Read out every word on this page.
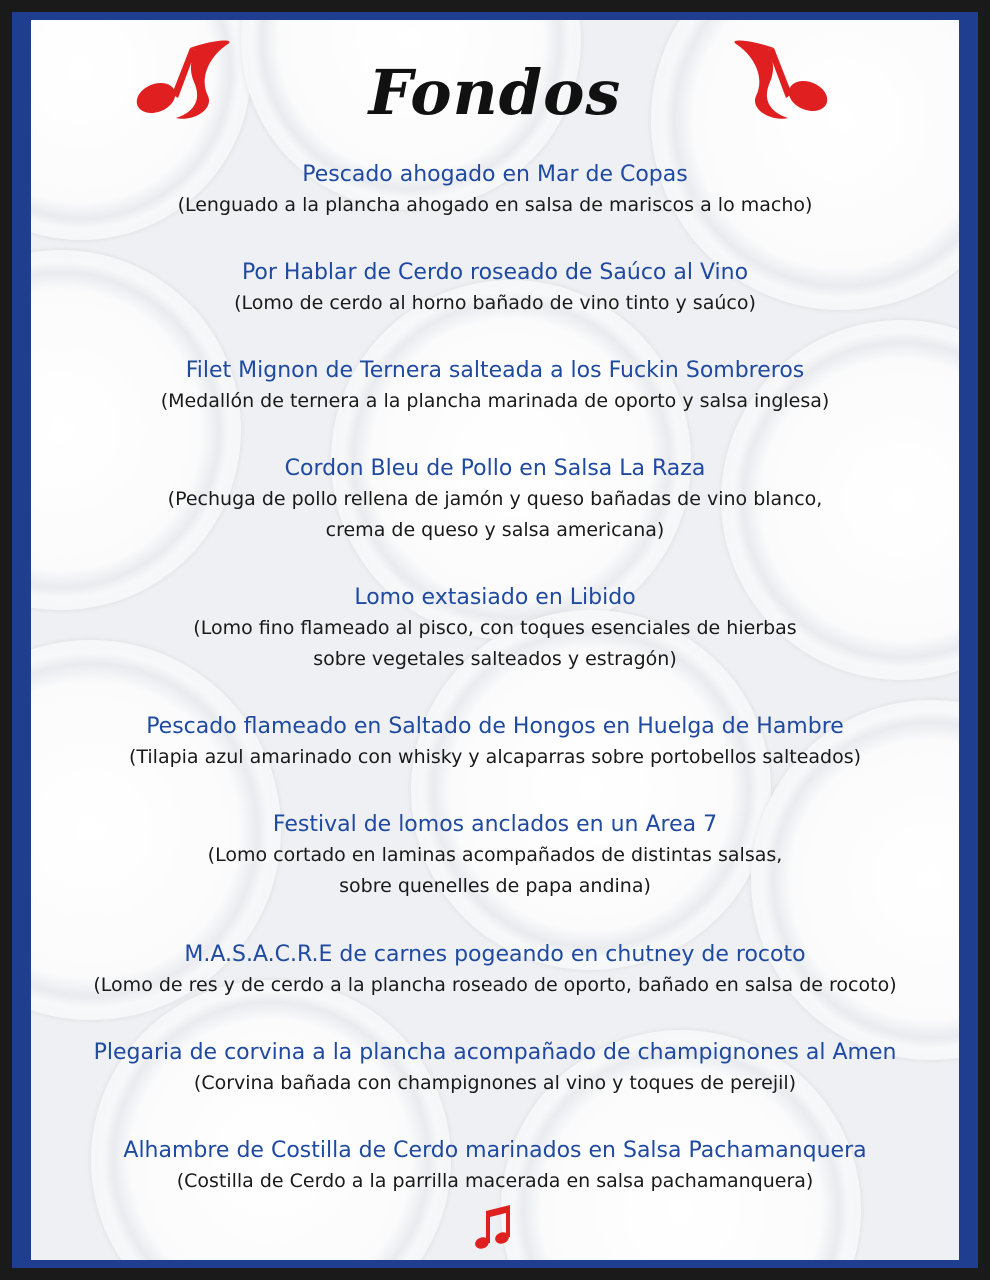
Fondos
Pescado ahogado en Mar de Copas
(Lenguado a la plancha ahogado en salsa de mariscos a lo macho)
Por Hablar de Cerdo roseado de Saúco al Vino
(Lomo de cerdo al horno bañado de vino tinto y saúco)
Filet Mignon de Ternera salteada a los Fuckin Sombreros
(Medallón de ternera a la plancha marinada de oporto y salsa inglesa)
Cordon Bleu de Pollo en Salsa La Raza
(Pechuga de pollo rellena de jamón y queso bañadas de vino blanco,
crema de queso y salsa americana)
Lomo extasiado en Libido
(Lomo fino flameado al pisco, con toques esenciales de hierbas
sobre vegetales salteados y estragón)
Pescado flameado en Saltado de Hongos en Huelga de Hambre
(Tilapia azul amarinado con whisky y alcaparras sobre portobellos salteados)
Festival de lomos anclados en un Area 7
(Lomo cortado en laminas acompañados de distintas salsas,
sobre quenelles de papa andina)
M.A.S.A.C.R.E de carnes pogeando en chutney de rocoto
(Lomo de res y de cerdo a la plancha roseado de oporto, bañado en salsa de rocoto)
Plegaria de corvina a la plancha acompañado de champignones al Amen
(Corvina bañada con champignones al vino y toques de perejil)
Alhambre de Costilla de Cerdo marinados en Salsa Pachamanquera
(Costilla de Cerdo a la parrilla macerada en salsa pachamanquera)
